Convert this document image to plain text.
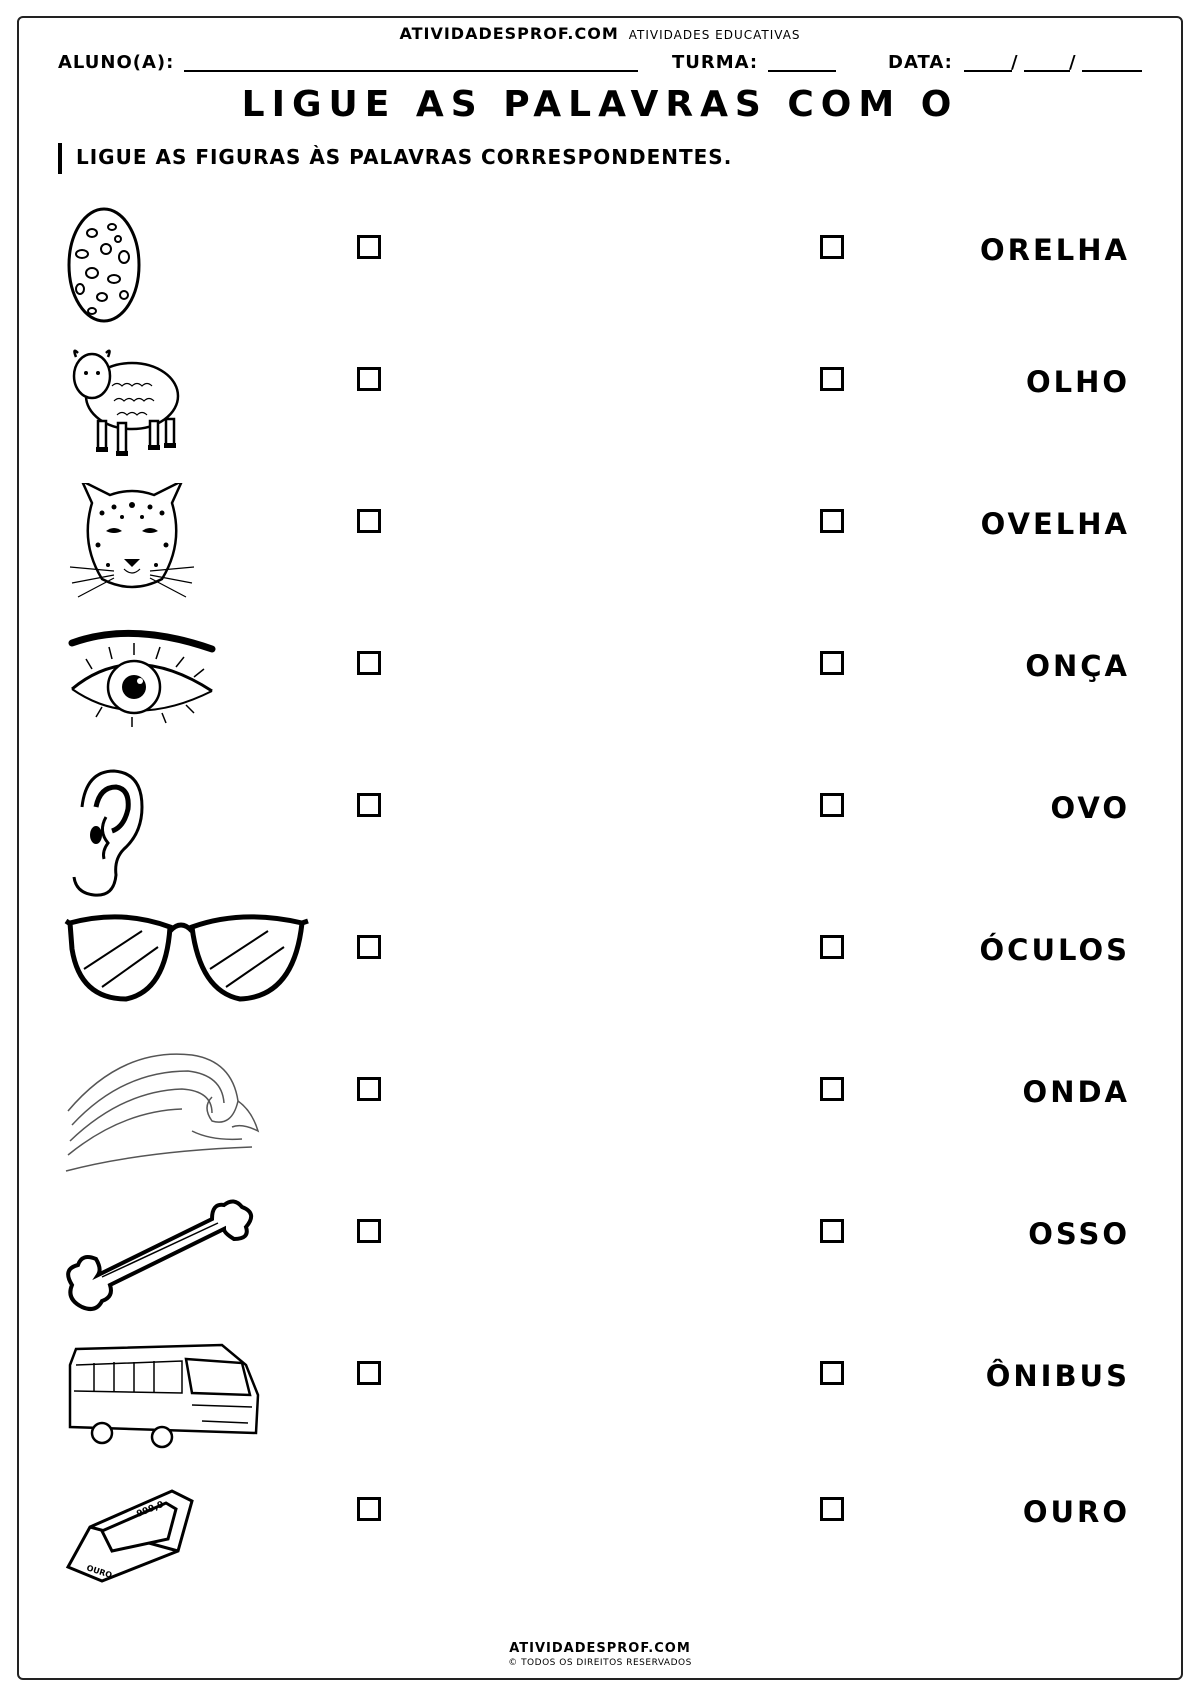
ATIVIDADESPROF.COM ATIVIDADES EDUCATIVAS
ALUNO(A):	TURMA:	DATA:	/	/
LIGUE AS PALAVRAS COM O
LIGUE AS FIGURAS ÀS PALAVRAS CORRESPONDENTES.
ORELHA
OLHO
OVELHA
ONÇA
OVO
ÓCULOS
ONDA
OSSO
ÔNIBUS
999,9
OURO
OURO
ATIVIDADESPROF.COM
© TODOS OS DIREITOS RESERVADOS
